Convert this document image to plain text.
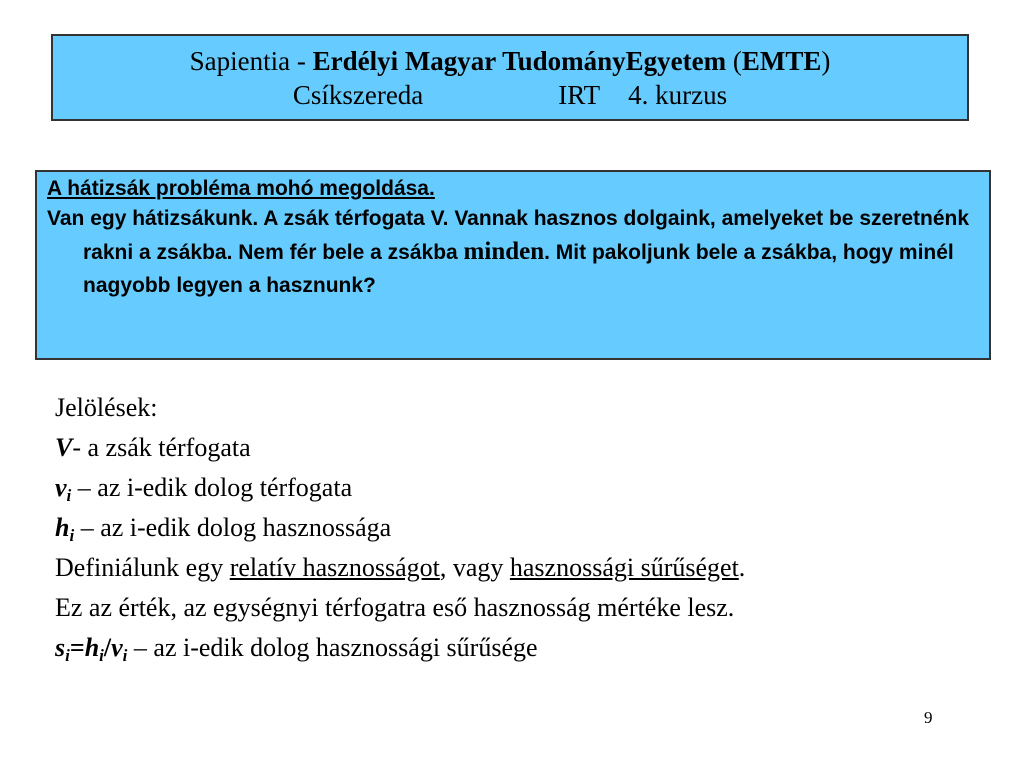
Sapientia - Erdélyi Magyar TudományEgyetem (EMTE)
Csíkszereda	IRT 4. kurzus
A hátizsák probléma mohó megoldása.
Van egy hátizsákunk. A zsák térfogata V. Vannak hasznos dolgaink, amelyeket be szeretnénk rakni a zsákba. Nem fér bele a zsákba minden. Mit pakoljunk bele a zsákba, hogy minél nagyobb legyen a hasznunk?
Jelölések:
V- a zsák térfogata
$v_i$ – az i-edik dolog térfogata
$h_i$ – az i-edik dolog hasznossága
Definiálunk egy relatív hasznosságot, vagy hasznossági sűrűséget.
Ez az érték, az egységnyi térfogatra eső hasznosság mértéke lesz.
$s_i=h_i/v_i$ – az i-edik dolog hasznossági sűrűsége
9
